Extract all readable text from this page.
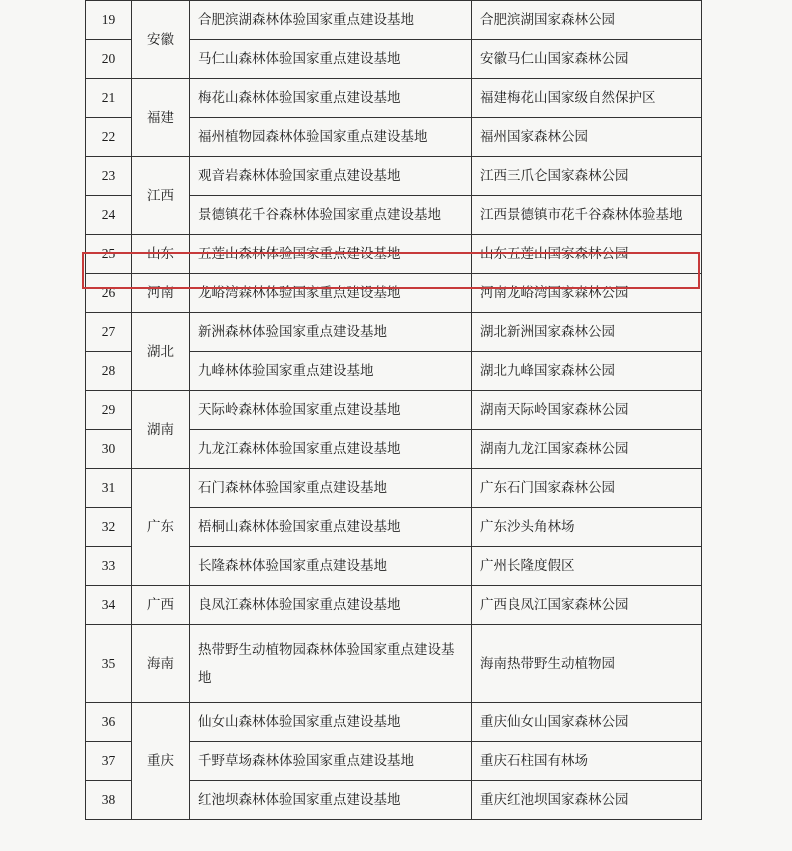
19	安徽	合肥滨湖森林体验国家重点建设基地	合肥滨湖国家森林公园
20		马仁山森林体验国家重点建设基地	安徽马仁山国家森林公园
21	福建	梅花山森林体验国家重点建设基地	福建梅花山国家级自然保护区
22		福州植物园森林体验国家重点建设基地	福州国家森林公园
23	江西	观音岩森林体验国家重点建设基地	江西三爪仑国家森林公园
24		景德镇花千谷森林体验国家重点建设基地	江西景德镇市花千谷森林体验基地
25	山东	五莲山森林体验国家重点建设基地	山东五莲山国家森林公园
26	河南	龙峪湾森林体验国家重点建设基地	河南龙峪湾国家森林公园
27	湖北	新洲森林体验国家重点建设基地	湖北新洲国家森林公园
28		九峰林体验国家重点建设基地	湖北九峰国家森林公园
29	湖南	天际岭森林体验国家重点建设基地	湖南天际岭国家森林公园
30		九龙江森林体验国家重点建设基地	湖南九龙江国家森林公园
31	广东	石门森林体验国家重点建设基地	广东石门国家森林公园
32		梧桐山森林体验国家重点建设基地	广东沙头角林场
33		长隆森林体验国家重点建设基地	广州长隆度假区
34	广西	良凤江森林体验国家重点建设基地	广西良凤江国家森林公园
35	海南	热带野生动植物园森林体验国家重点建设基地	海南热带野生动植物园
36	重庆	仙女山森林体验国家重点建设基地	重庆仙女山国家森林公园
37		千野草场森林体验国家重点建设基地	重庆石柱国有林场
38		红池坝森林体验国家重点建设基地	重庆红池坝国家森林公园
